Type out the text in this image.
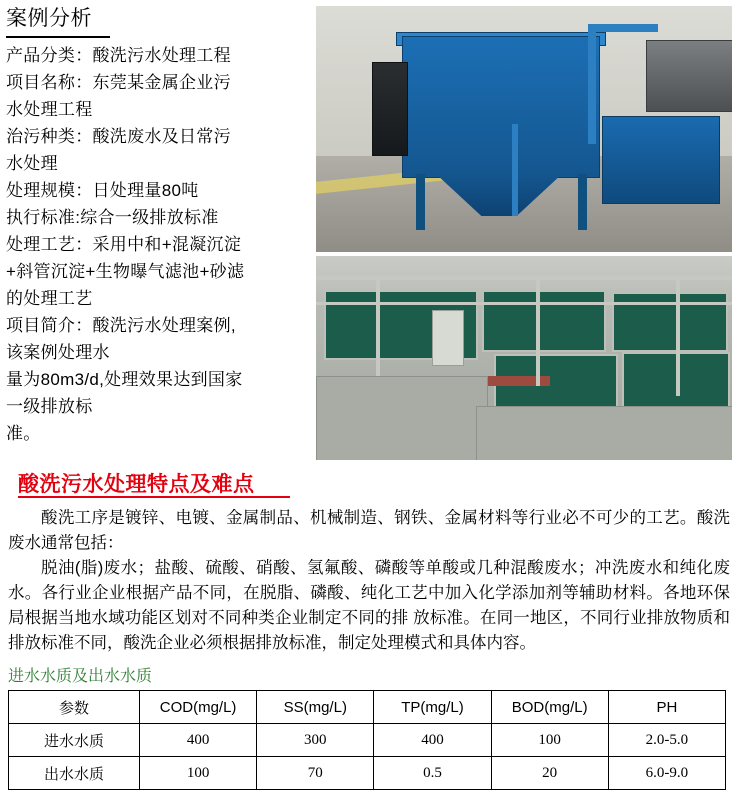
案例分析
产品分类：酸洗污水处理工程
项目名称：东莞某金属企业污
水处理工程
治污种类：酸洗废水及日常污
水处理
处理规模：日处理量80吨
执行标准:综合一级排放标准
处理工艺：采用中和+混凝沉淀
+斜管沉淀+生物曝气滤池+砂滤
的处理工艺
项目简介：酸洗污水处理案例,
该案例处理水
量为80m3/d,处理效果达到国家
一级排放标
准。
酸洗污水处理特点及难点

酸洗工序是镀锌、电镀、金属制品、机械制造、钢铁、金属材料等行业必不可少的工艺。酸洗废水通常包括：

脱油(脂)废水；盐酸、硫酸、硝酸、氢氟酸、磷酸等单酸或几种混酸废水；冲洗废水和纯化废水。各行业企业根据产品不同，在脱脂、磷酸、纯化工艺中加入化学添加剂等辅助材料。各地环保局根据当地水域功能区划对不同种类企业制定不同的排 放标准。在同一地区，不同行业排放物质和排放标准不同，酸洗企业必须根据排放标准，制定处理模式和具体内容。

进水水质及出水水质
参数	COD(mg/L)	SS(mg/L)	TP(mg/L)	BOD(mg/L)	PH
进水水质	400	300	400	100	2.0-5.0
出水水质	100	70	0.5	20	6.0-9.0
